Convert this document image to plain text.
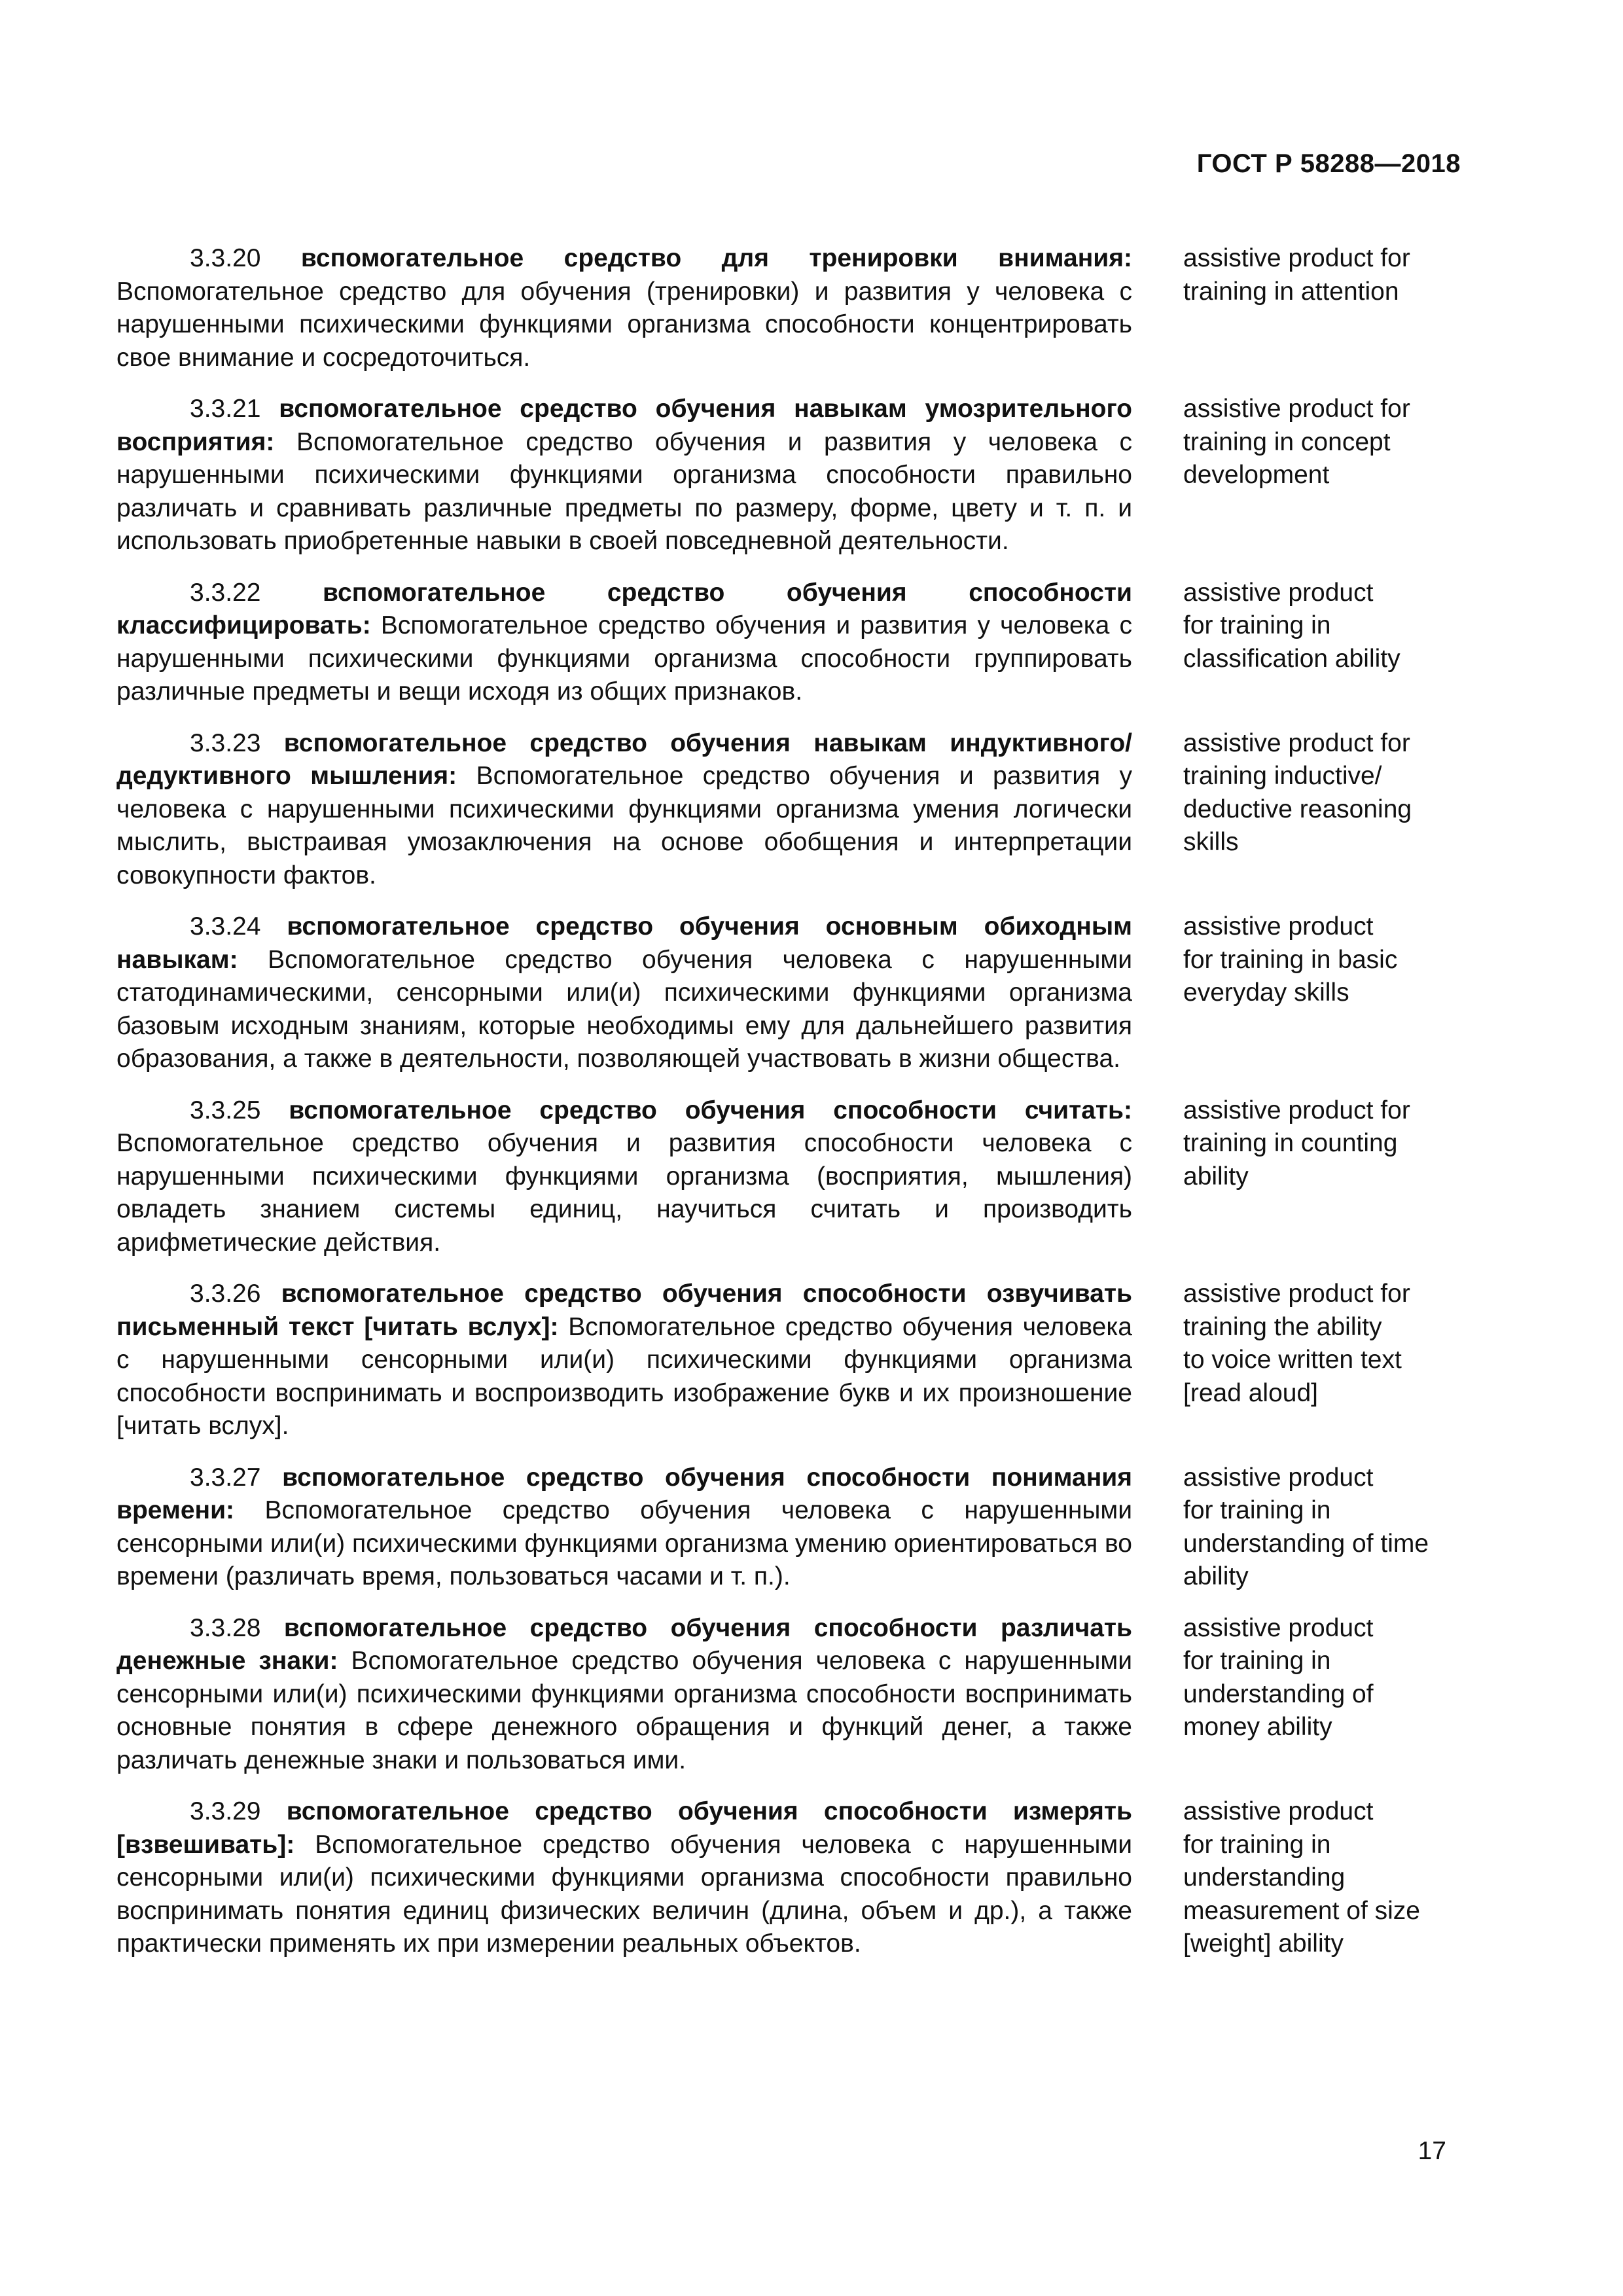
ГОСТ Р 58288—2018

3.3.20 вспомогательное средство для тренировки внимания: Вспомогательное средство для обучения (тренировки) и развития у человека с нарушенными психическими функциями организма способности концентрировать свое внимание и сосредоточиться.

assistive product for
training in attention

3.3.21 вспомогательное средство обучения навыкам умозрительного восприятия: Вспомогательное средство обучения и развития у человека с нарушенными психическими функциями организма способности правильно различать и сравнивать различные предметы по размеру, форме, цвету и т. п. и использовать приобретенные навыки в своей повседневной деятельности.

assistive product for
training in concept
development

3.3.22 вспомогательное средство обучения способности классифицировать: Вспомогательное средство обучения и развития у человека с нарушенными психическими функциями организма способности группировать различные предметы и вещи исходя из общих признаков.

assistive product
for training in
classification ability

3.3.23 вспомогательное средство обучения навыкам индуктивного/дедуктивного мышления: Вспомогательное средство обучения и развития у человека с нарушенными психическими функциями организма умения логически мыслить, выстраивая умозаключения на основе обобщения и интерпретации совокупности фактов.

assistive product for
training inductive/
deductive reasoning
skills

3.3.24 вспомогательное средство обучения основным обиходным навыкам: Вспомогательное средство обучения человека с нарушенными статодинамическими, сенсорными или(и) психическими функциями организма базовым исходным знаниям, которые необходимы ему для дальнейшего развития образования, а также в деятельности, позволяющей участвовать в жизни общества.

assistive product
for training in basic
everyday skills

3.3.25 вспомогательное средство обучения способности считать: Вспомогательное средство обучения и развития способности человека с нарушенными психическими функциями организма (восприятия, мышления) овладеть знанием системы единиц, научиться считать и производить арифметические действия.

assistive product for
training in counting
ability

3.3.26 вспомогательное средство обучения способности озвучивать письменный текст [читать вслух]: Вспомогательное средство обучения человека с нарушенными сенсорными или(и) психическими функциями организма способности воспринимать и воспроизводить изображение букв и их произношение [читать вслух].

assistive product for
training the ability
to voice written text
[read aloud]

3.3.27 вспомогательное средство обучения способности понимания времени: Вспомогательное средство обучения человека с нарушенными сенсорными или(и) психическими функциями организма умению ориентироваться во времени (различать время, пользоваться часами и т. п.).

assistive product
for training in
understanding of time
ability

3.3.28 вспомогательное средство обучения способности различать денежные знаки: Вспомогательное средство обучения человека с нарушенными сенсорными или(и) психическими функциями организма способности воспринимать основные понятия в сфере денежного обращения и функций денег, а также различать денежные знаки и пользоваться ими.

assistive product
for training in
understanding of
money ability

3.3.29 вспомогательное средство обучения способности измерять [взвешивать]: Вспомогательное средство обучения человека с нарушенными сенсорными или(и) психическими функциями организма способности правильно воспринимать понятия единиц физических величин (длина, объем и др.), а также практически применять их при измерении реальных объектов.

assistive product
for training in
understanding
measurement of size
[weight] ability

17
